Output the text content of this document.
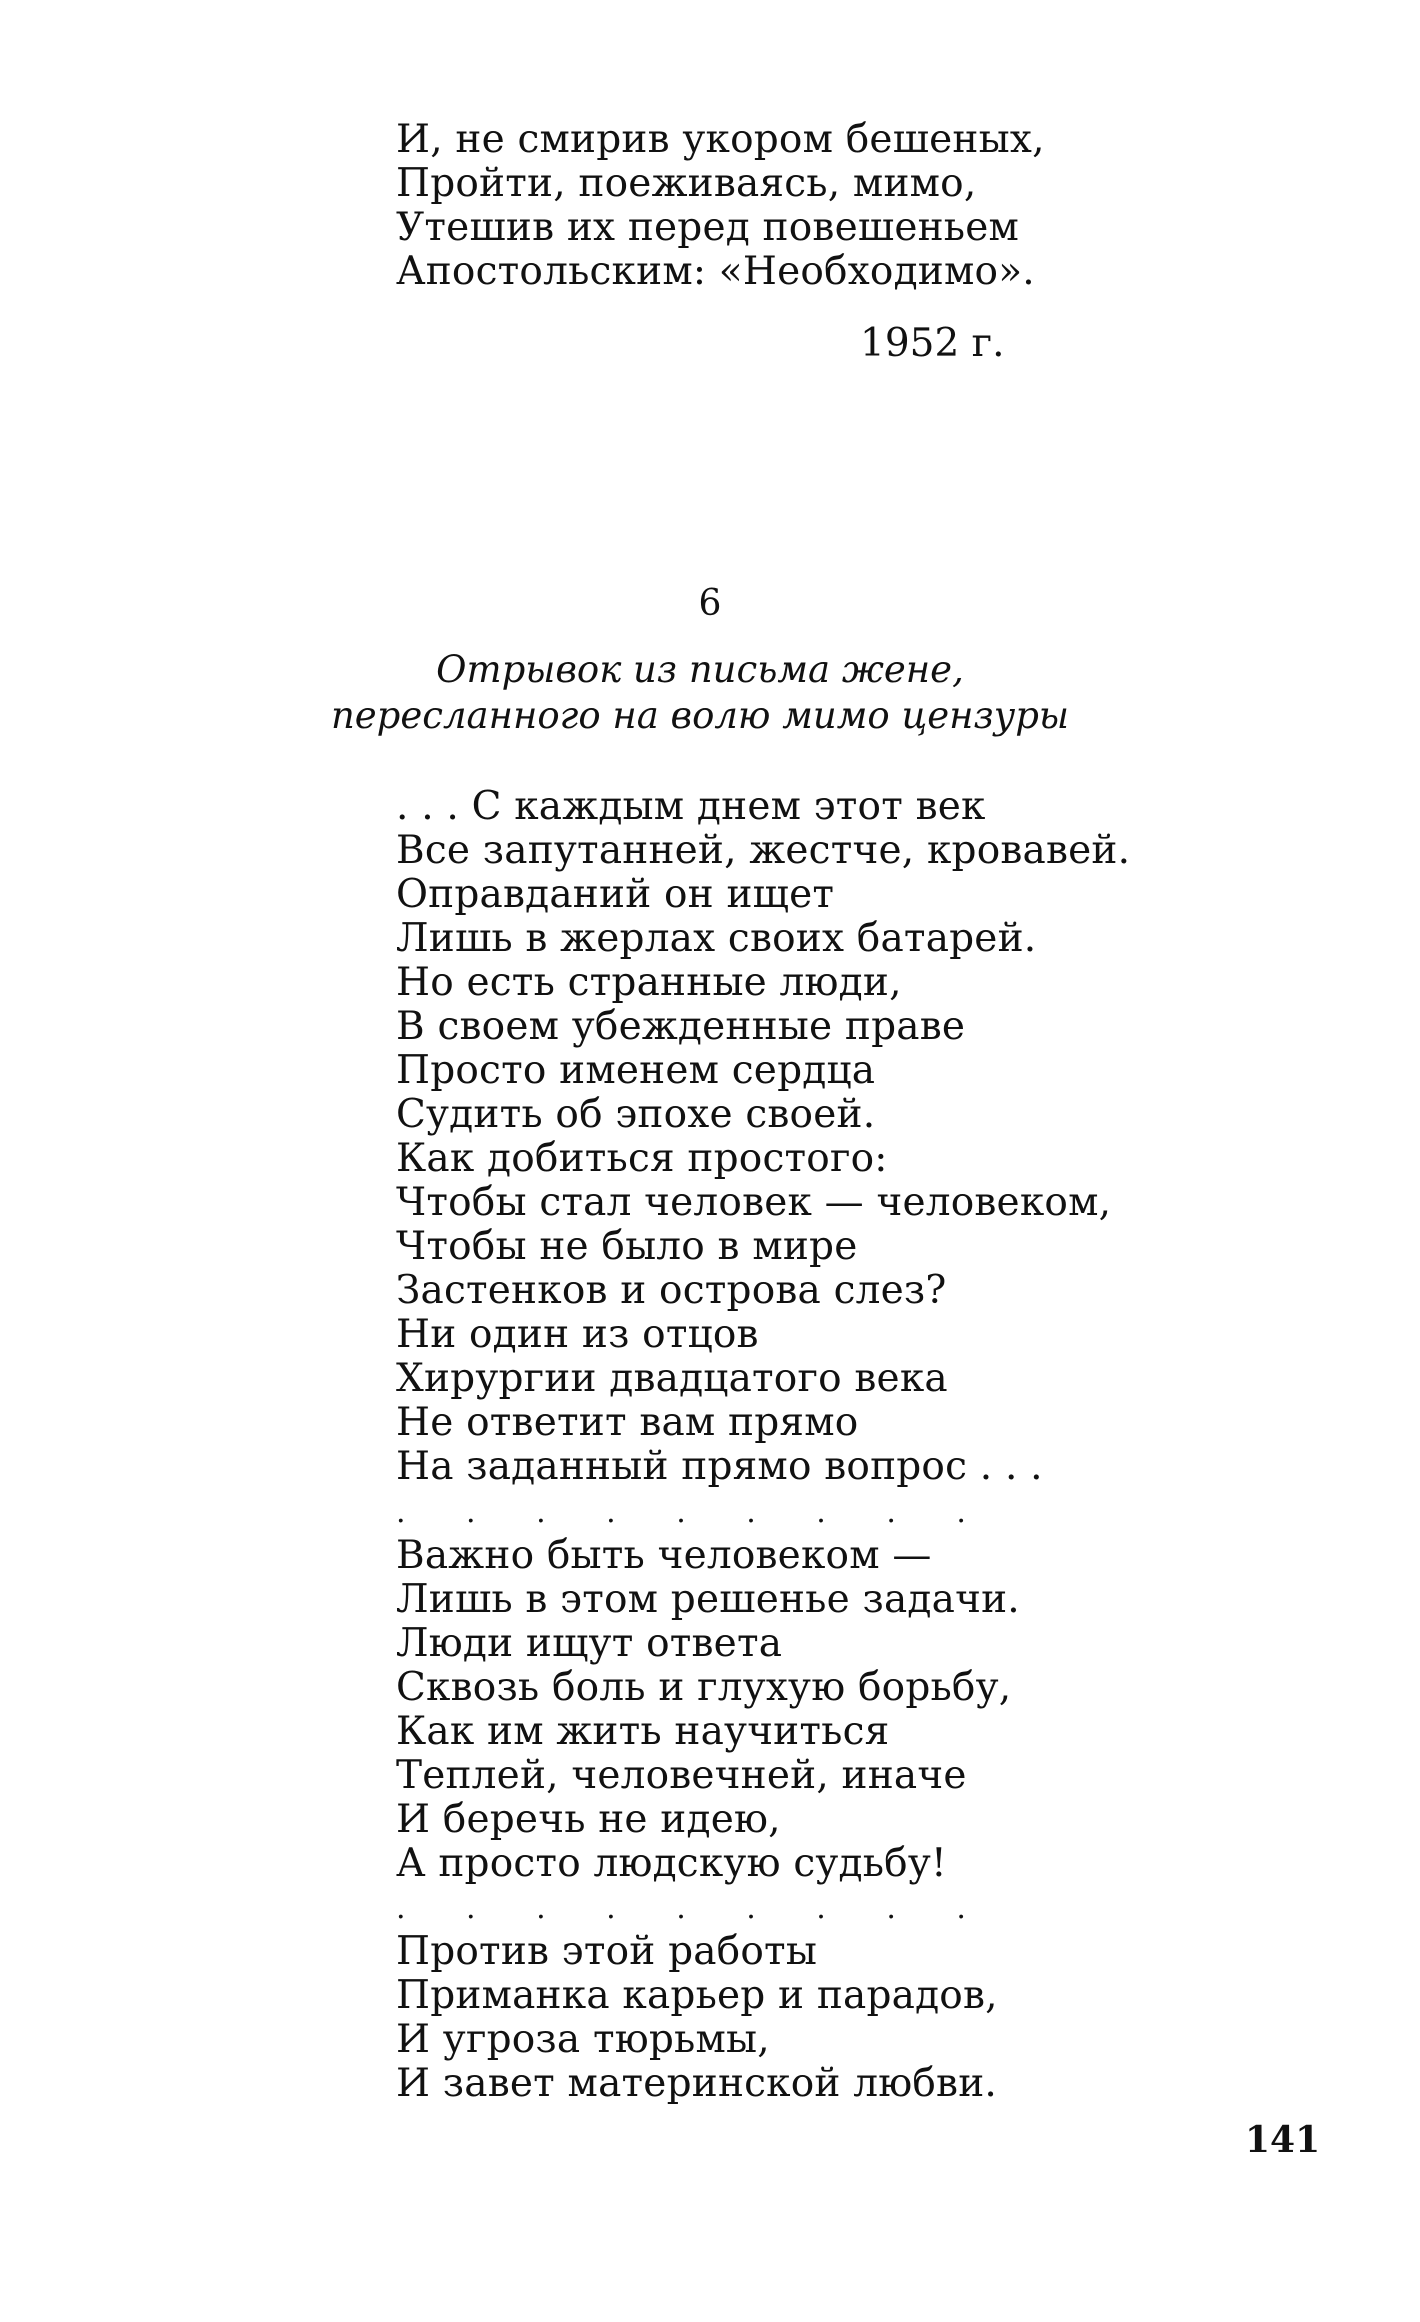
И, не смирив укором бешеных,
Пройти, поеживаясь, мимо,
Утешив их перед повешеньем
Апостольским: «Необходимо».
1952 г.
6
Отрывок из письма жене,
пересланного на волю мимо цензуры
. . . С каждым днем этот век
Все запутанней, жестче, кровавей.
Оправданий он ищет
Лишь в жерлах своих батарей.
Но есть странные люди,
В своем убежденные праве
Просто именем сердца
Судить об эпохе своей.
Как добиться простого:
Чтобы стал человек — человеком,
Чтобы не было в мире
Застенков и острова слез?
Ни один из отцов
Хирургии двадцатого века
Не ответит вам прямо
На заданный прямо вопрос . . .
. . . . . . . . .
Важно быть человеком —
Лишь в этом решенье задачи.
Люди ищут ответа
Сквозь боль и глухую борьбу,
Как им жить научиться
Теплей, человечней, иначе
И беречь не идею,
А просто людскую судьбу!
. . . . . . . . .
Против этой работы
Приманка карьер и парадов,
И угроза тюрьмы,
И завет материнской любви.
141
